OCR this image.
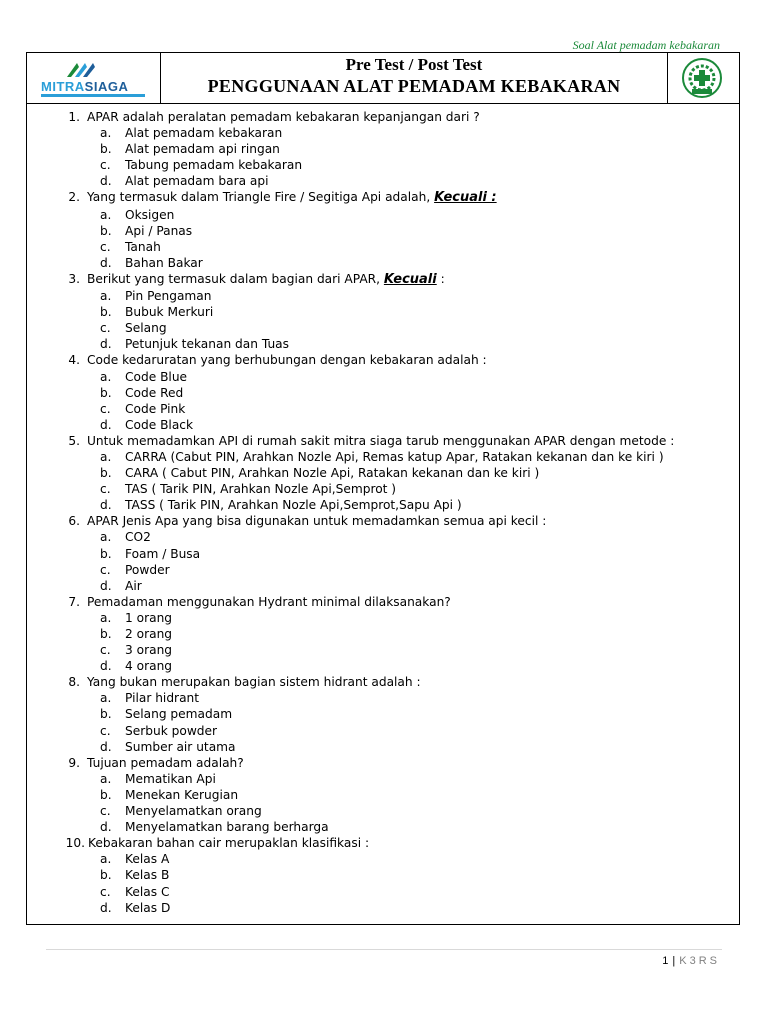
Soal Alat pemadam kebakaran
MITRASIAGA
Pre Test / Post Test
PENGGUNAAN ALAT PEMADAM KEBAKARAN
1. APAR adalah peralatan pemadam kebakaran kepanjangan dari ?
a. Alat pemadam kebakaran
b. Alat pemadam api ringan
c. Tabung pemadam kebakaran
d. Alat pemadam bara api
2. Yang termasuk dalam Triangle Fire / Segitiga Api adalah, Kecuali :
a. Oksigen
b. Api / Panas
c. Tanah
d. Bahan Bakar
3. Berikut yang termasuk dalam bagian dari APAR, Kecuali :
a. Pin Pengaman
b. Bubuk Merkuri
c. Selang
d. Petunjuk tekanan dan Tuas
4. Code kedaruratan yang berhubungan dengan kebakaran adalah :
a. Code Blue
b. Code Red
c. Code Pink
d. Code Black
5. Untuk memadamkan API di rumah sakit mitra siaga tarub menggunakan APAR dengan metode :
a. CARRA (Cabut PIN, Arahkan Nozle Api, Remas katup Apar, Ratakan kekanan dan ke kiri )
b. CARA ( Cabut PIN, Arahkan Nozle Api, Ratakan kekanan dan ke kiri )
c. TAS ( Tarik PIN, Arahkan Nozle Api,Semprot )
d. TASS ( Tarik PIN, Arahkan Nozle Api,Semprot,Sapu Api )
6. APAR Jenis Apa yang bisa digunakan untuk memadamkan semua api kecil :
a. CO2
b. Foam / Busa
c. Powder
d. Air
7. Pemadaman menggunakan Hydrant minimal dilaksanakan?
a. 1 orang
b. 2 orang
c. 3 orang
d. 4 orang
8. Yang bukan merupakan bagian sistem hidrant adalah :
a. Pilar hidrant
b. Selang pemadam
c. Serbuk powder
d. Sumber air utama
9. Tujuan pemadam adalah?
a. Mematikan Api
b. Menekan Kerugian
c. Menyelamatkan orang
d. Menyelamatkan barang berharga
10. Kebakaran bahan cair merupaklan klasifikasi :
a. Kelas A
b. Kelas B
c. Kelas C
d. Kelas D
1 | K3RS
